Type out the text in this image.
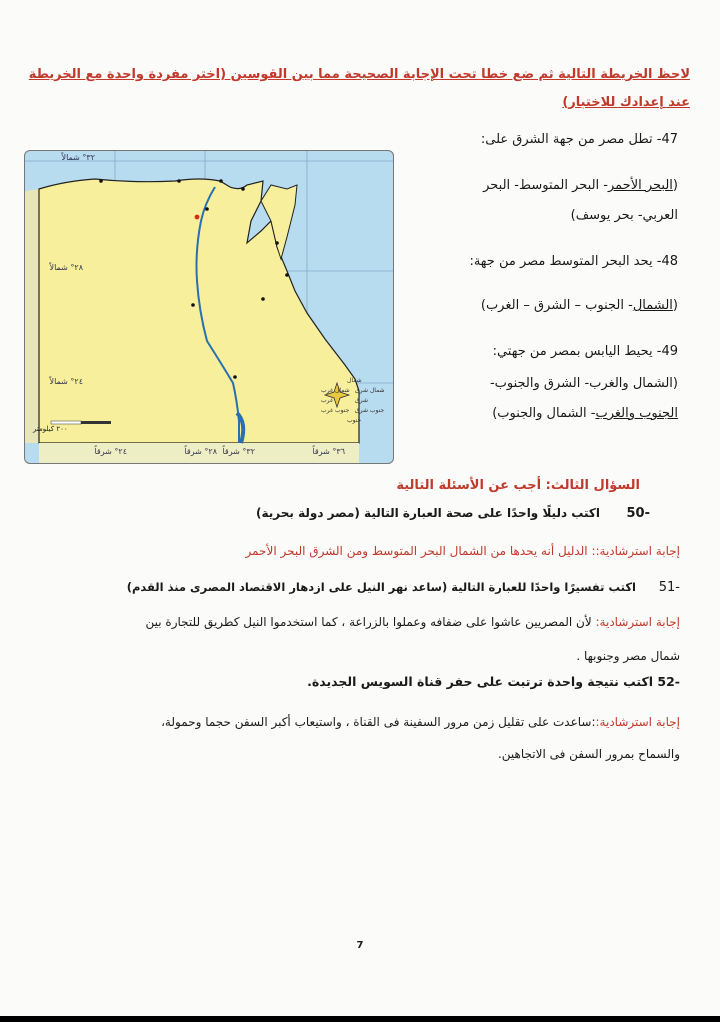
لاحظ الخريطة التالية ثم ضع خطا تحت الإجابة الصحيحة مما بين القوسين (اختر مفردة واحدة مع الخريطة
عند إعدادك للاختبار)
٣٢° شمالاً
٢٨° شمالاً
٢٤° شمالاً
٢٤° شرقاً	٢٨° شرقاً ٣٢° شرقاً	٣٦° شرقاً
شمال
شمال غرب شمال شرق
غرب	شرق
جنوب غرب جنوب شرق
جنوب
٢٠٠ كيلومتر
47- تطل مصر من جهة الشرق على:
(البحر الأحمر- البحر المتوسط- البحر
العربي- بحر يوسف)
48- يحد البحر المتوسط مصر من جهة:
(الشمال- الجنوب – الشرق – الغرب)
49- يحيط اليابس بمصر من جهتي:
(الشمال والغرب- الشرق والجنوب-
الجنوب والغرب- الشمال والجنوب)
السؤال الثالث: أجب عن الأسئلة التالية
-50
اكتب دليلًا واحدًا على صحة العبارة التالية (مصر دولة بحرية)
إجابة استرشادية:: الدليل أنه يحدها من الشمال البحر المتوسط ومن الشرق البحر الأحمر
-51
اكتب تفسيرًا واحدًا للعبارة التالية (ساعد نهر النيل على ازدهار الاقتصاد المصرى منذ القدم)
إجابة استرشادية: لأن المصريين عاشوا على ضفافه وعملوا بالزراعة ، كما استخدموا النيل كطريق للتجارة بين
شمال مصر وجنوبها .
-52 اكتب نتيجة واحدة ترتبت على حفر قناة السويس الجديدة.
إجابة استرشادية::ساعدت على تقليل زمن مرور السفينة فى القناة ، واستيعاب أكبر السفن حجما وحمولة،
والسماح بمرور السفن فى الاتجاهين.
7
